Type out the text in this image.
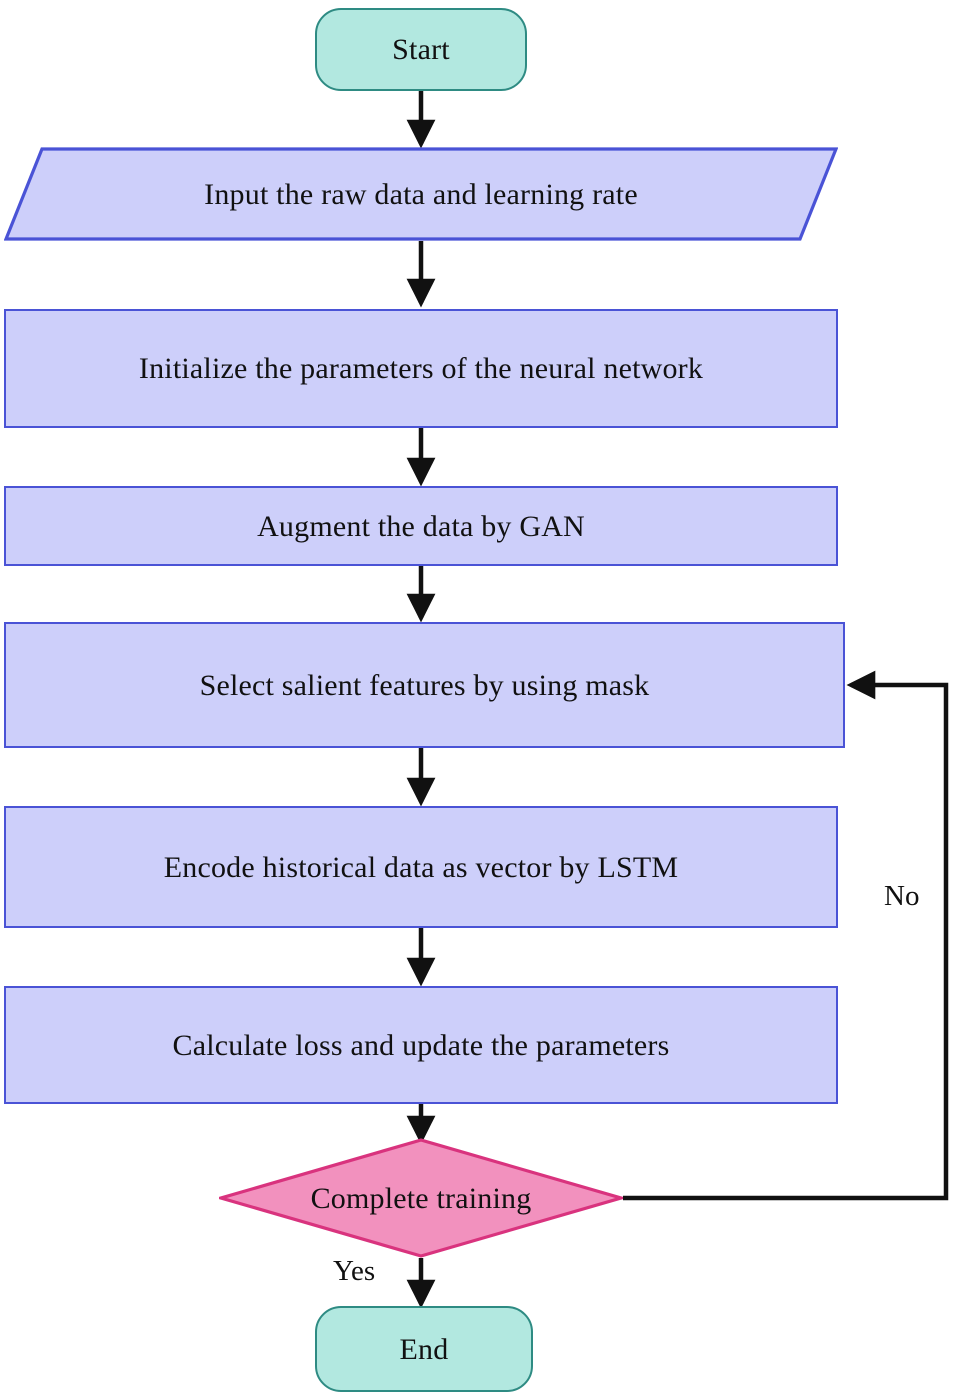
Start
Input the raw data and learning rate
Initialize the parameters of the neural network
Augment the data by GAN
Select salient features by using mask
Encode historical data as vector by LSTM
Calculate loss and update the parameters
Complete training
End
No
Yes
